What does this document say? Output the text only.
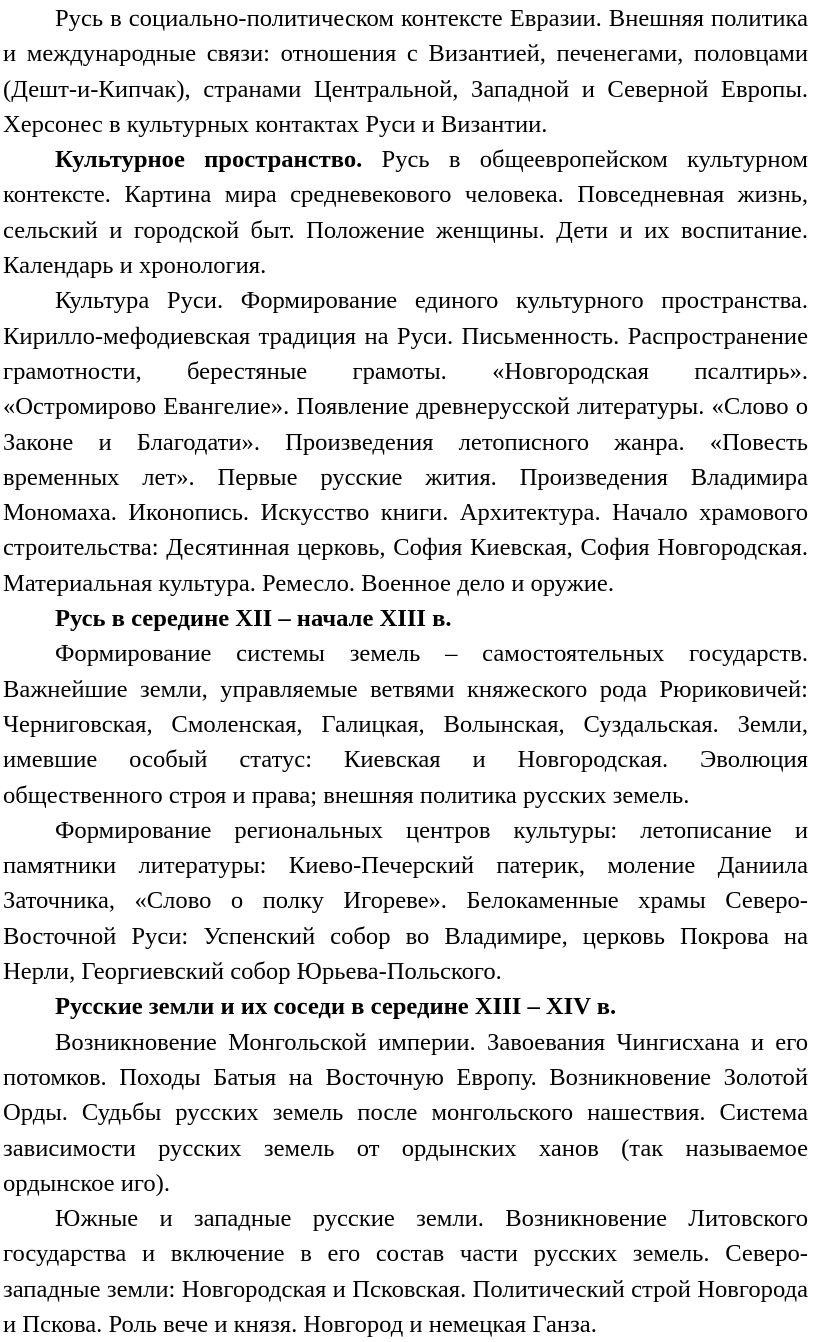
Русь в социально-политическом контексте Евразии. Внешняя политика и международные связи: отношения с Византией, печенегами, половцами (Дешт-и-Кипчак), странами Центральной, Западной и Северной Европы. Херсонес в культурных контактах Руси и Византии.

Культурное пространство. Русь в общеевропейском культурном контексте. Картина мира средневекового человека. Повседневная жизнь, сельский и городской быт. Положение женщины. Дети и их воспитание. Календарь и хронология.

Культура Руси. Формирование единого культурного пространства. Кирилло-мефодиевская традиция на Руси. Письменность. Распространение грамотности, берестяные грамоты. «Новгородская псалтирь». «Остромирово Евангелие». Появление древнерусской литературы. «Слово о Законе и Благодати». Произведения летописного жанра. «Повесть временных лет». Первые русские жития. Произведения Владимира Мономаха. Иконопись. Искусство книги. Архитектура. Начало храмового строительства: Десятинная церковь, София Киевская, София Новгородская. Материальная культура. Ремесло. Военное дело и оружие.

Русь в середине XII – начале XIII в.

Формирование системы земель – самостоятельных государств. Важнейшие земли, управляемые ветвями княжеского рода Рюриковичей: Черниговская, Смоленская, Галицкая, Волынская, Суздальская. Земли, имевшие особый статус: Киевская и Новгородская. Эволюция общественного строя и права; внешняя политика русских земель.

Формирование региональных центров культуры: летописание и памятники литературы: Киево-Печерский патерик, моление Даниила Заточника, «Слово о полку Игореве». Белокаменные храмы Северо-Восточной Руси: Успенский собор во Владимире, церковь Покрова на Нерли, Георгиевский собор Юрьева-Польского.

Русские земли и их соседи в середине XIII – XIV в.

Возникновение Монгольской империи. Завоевания Чингисхана и его потомков. Походы Батыя на Восточную Европу. Возникновение Золотой Орды. Судьбы русских земель после монгольского нашествия. Система зависимости русских земель от ордынских ханов (так называемое ордынское иго).

Южные и западные русские земли. Возникновение Литовского государства и включение в его состав части русских земель. Северо-западные земли: Новгородская и Псковская. Политический строй Новгорода и Пскова. Роль вече и князя. Новгород и немецкая Ганза.
